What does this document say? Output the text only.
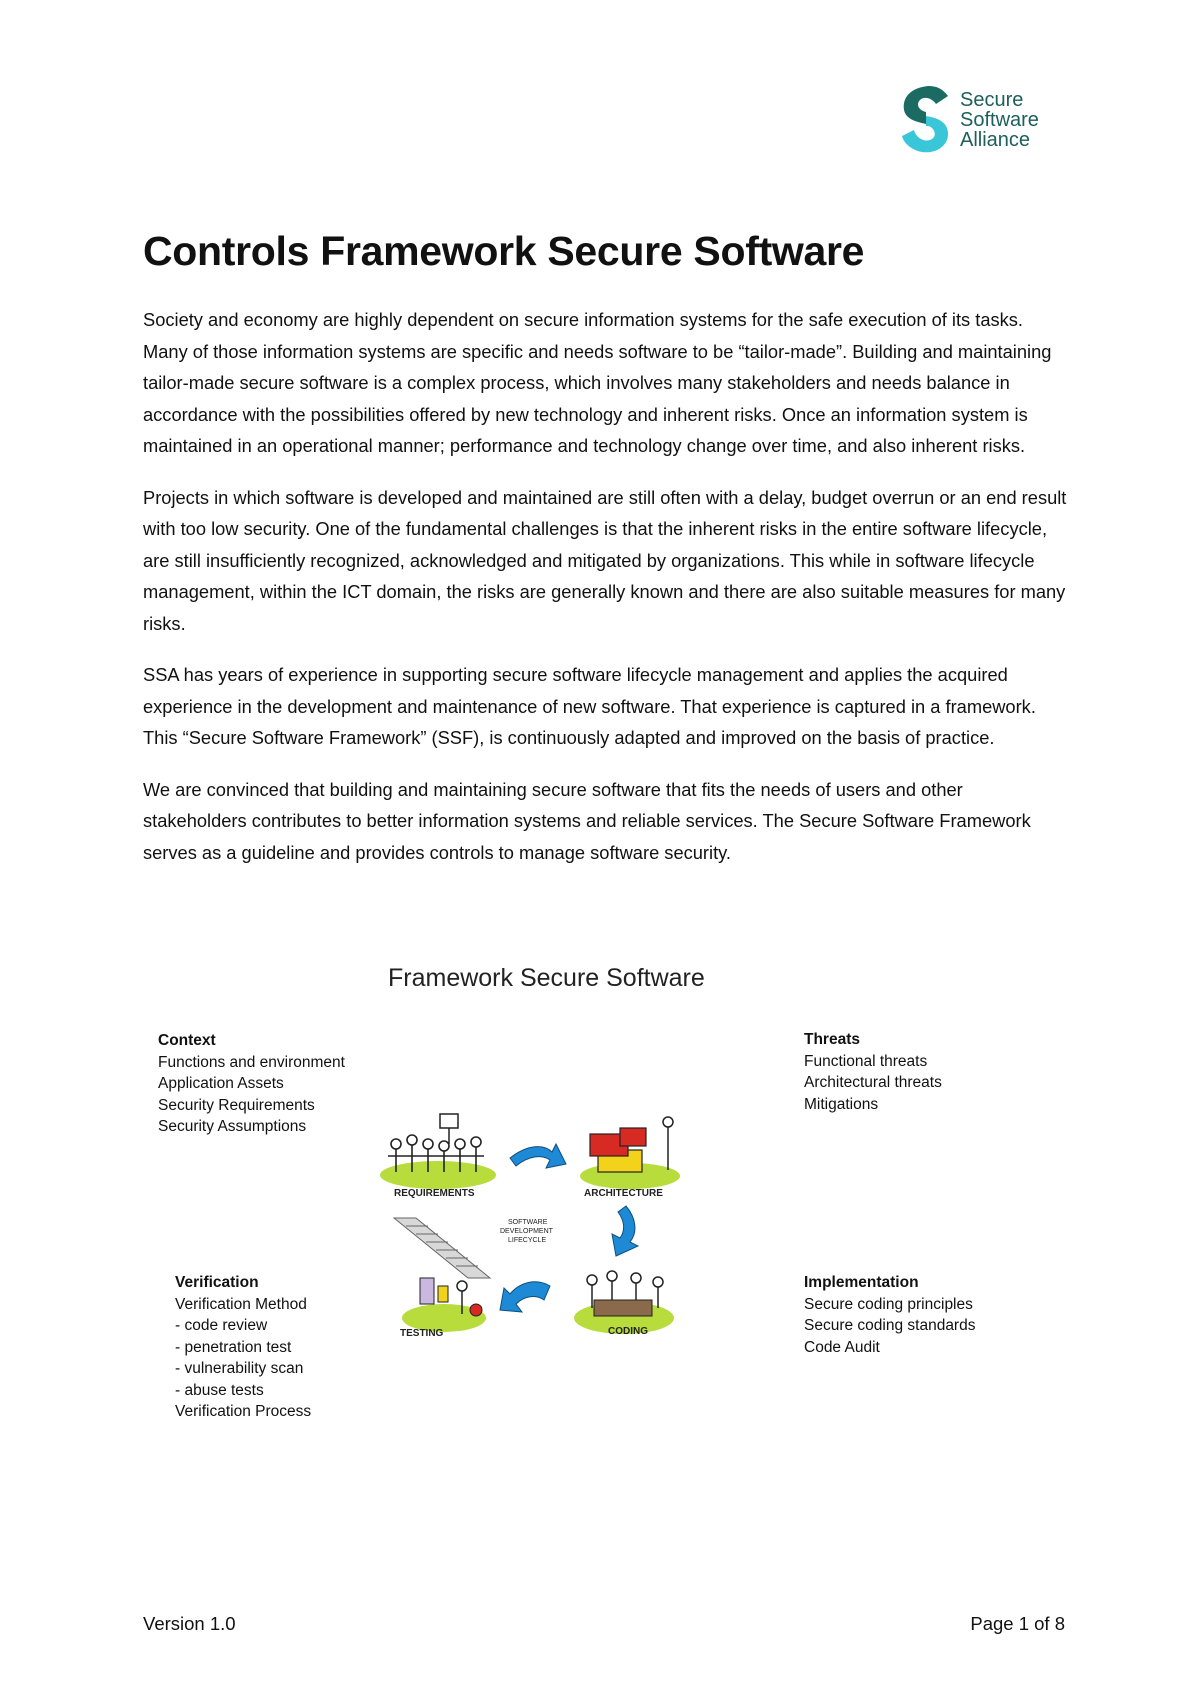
Secure
Software
Alliance
Controls Framework Secure Software

Society and economy are highly dependent on secure information systems for the safe execution of its tasks. Many of those information systems are specific and needs software to be “tailor-made”. Building and maintaining tailor-made secure software is a complex process, which involves many stakeholders and needs balance in accordance with the possibilities offered by new technology and inherent risks. Once an information system is maintained in an operational manner; performance and technology change over time, and also inherent risks.

Projects in which software is developed and maintained are still often with a delay, budget overrun or an end result with too low security. One of the fundamental challenges is that the inherent risks in the entire software lifecycle, are still insufficiently recognized, acknowledged and mitigated by organizations. This while in software lifecycle management, within the ICT domain, the risks are generally known and there are also suitable measures for many risks.

SSA has years of experience in supporting secure software lifecycle management and applies the acquired experience in the development and maintenance of new software. That experience is captured in a framework. This “Secure Software Framework” (SSF), is continuously adapted and improved on the basis of practice.

We are convinced that building and maintaining secure software that fits the needs of users and other stakeholders contributes to better information systems and reliable services. The Secure Software Framework serves as a guideline and provides controls to manage software security.

Framework Secure Software
Context
Functions and environment
Application Assets
Security Requirements
Security Assumptions
Threats
Functional threats
Architectural threats
Mitigations
Verification
Verification Method
- code review
- penetration test
- vulnerability scan
- abuse tests
Verification Process
Implementation
Secure coding principles
Secure coding standards
Code Audit
REQUIREMENTS	ARCHITECTURE
SOFTWARE
DEVELOPMENT
LIFECYCLE
CODING
TESTING
Version 1.0	Page 1 of 8
